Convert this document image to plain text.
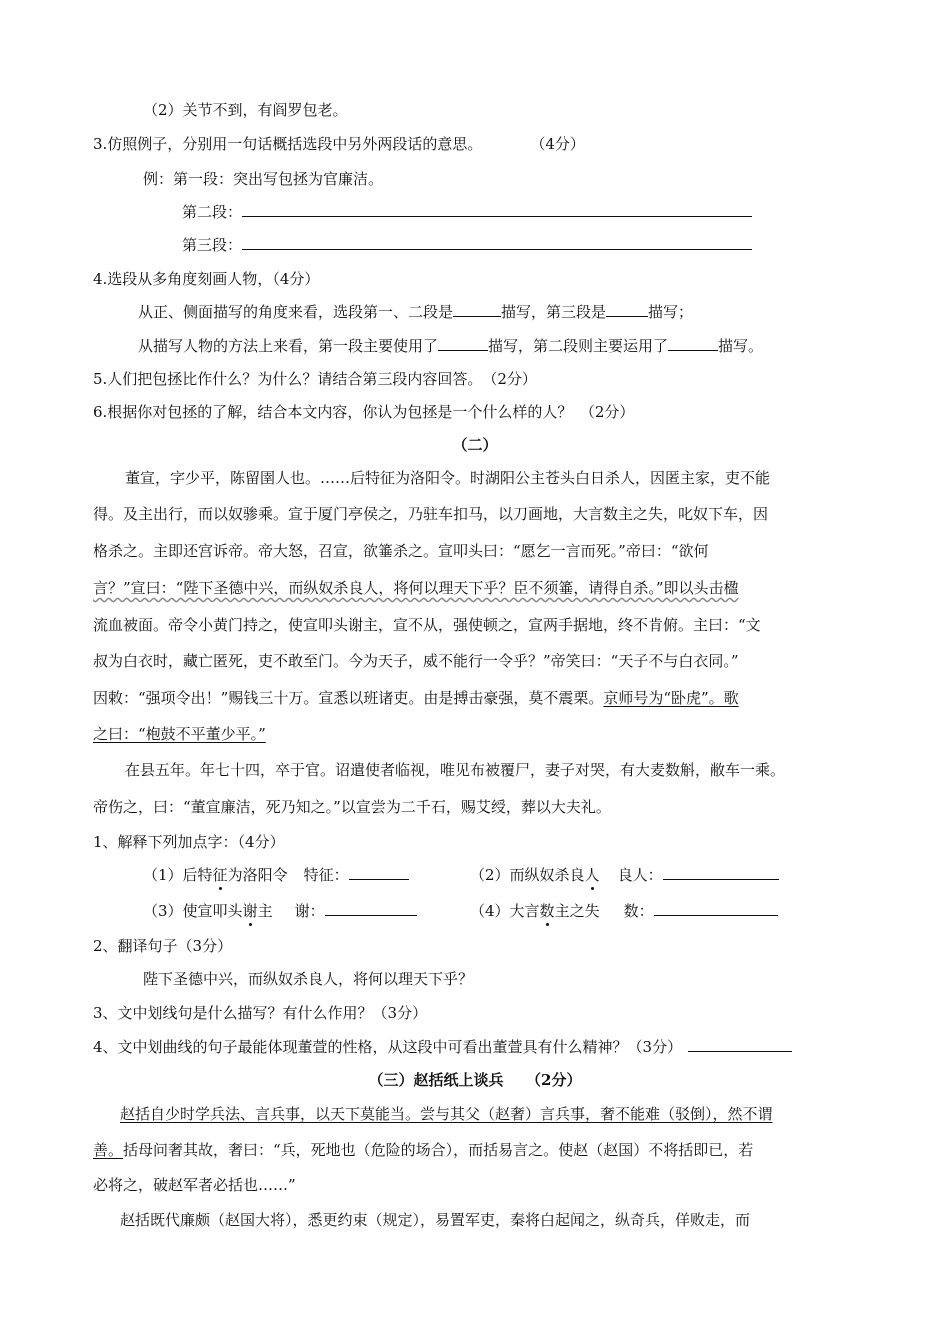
（2）关节不到，有阎罗包老。
3.仿照例子，分别用一句话概括选段中另外两段话的意思。	（4分）
例：第一段：突出写包拯为官廉洁。
第二段：
第三段：
4.选段从多角度刻画人物，（4分）
从正、侧面描写的角度来看，选段第一、二段是	描写，第三段是	描写；
从描写人物的方法上来看，第一段主要使用了	描写，第二段则主要运用了	描写。
5.人们把包拯比作什么？为什么？请结合第三段内容回答。　（2分）
6.根据你对包拯的了解，结合本文内容，你认为包拯是一个什么样的人？　（2分）
（二）
董宣，字少平，陈留圉人也。……后特征为洛阳令。时湖阳公主苍头白日杀人，因匿主家，吏不能
得。及主出行，而以奴骖乘。宣于厦门亭侯之，乃驻车扣马，以刀画地，大言数主之失，叱奴下车，因
格杀之。主即还宫诉帝。帝大怒，召宣，欲箠杀之。宣叩头曰：“愿乞一言而死。”帝曰：“欲何
言？”宣曰：“陛下圣德中兴，而纵奴杀良人，将何以理天下乎？臣不须箠，请得自杀。”即以头击楹
流血被面。帝令小黄门持之，使宣叩头谢主，宣不从，强使顿之，宣两手据地，终不肯俯。主曰：“文
叔为白衣时，藏亡匿死，吏不敢至门。今为天子，威不能行一令乎？”帝笑曰：“天子不与白衣同。”
因敕：“强项令出！”赐钱三十万。宣悉以班诸吏。由是搏击豪强，莫不震栗。京师号为“卧虎”。歌
之曰：“枹鼓不平董少平。”
在县五年。年七十四，卒于官。诏遣使者临视，唯见布被覆尸，妻子对哭，有大麦数斛，敝车一乘。
帝伤之，曰：“董宣廉洁，死乃知之。”以宣尝为二千石，赐艾绶，葬以大夫礼。
1、解释下列加点字：（4分）
（1）后特征为洛阳令 特征：	（2）而纵奴杀良人 良人：
（3）使宣叩头谢主 谢：	（4）大言数主之失 数：
2、翻译句子（3分）
陛下圣德中兴，而纵奴杀良人，将何以理天下乎？
3、文中划线句是什么描写？有什么作用？（3分）
4、文中划曲线的句子最能体现董萱的性格，从这段中可看出董萱具有什么精神？（3分）
（三）赵括纸上谈兵　　（2分）
赵括自少时学兵法、言兵事，以天下莫能当。尝与其父（赵奢）言兵事，奢不能难（驳倒），然不谓
善。括母问奢其故，奢曰：“兵，死地也（危险的场合），而括易言之。使赵（赵国）不将括即已，若
必将之，破赵军者必括也……”
赵括既代廉颇（赵国大将），悉更约束（规定），易置军吏，秦将白起闻之，纵奇兵，佯败走，而
